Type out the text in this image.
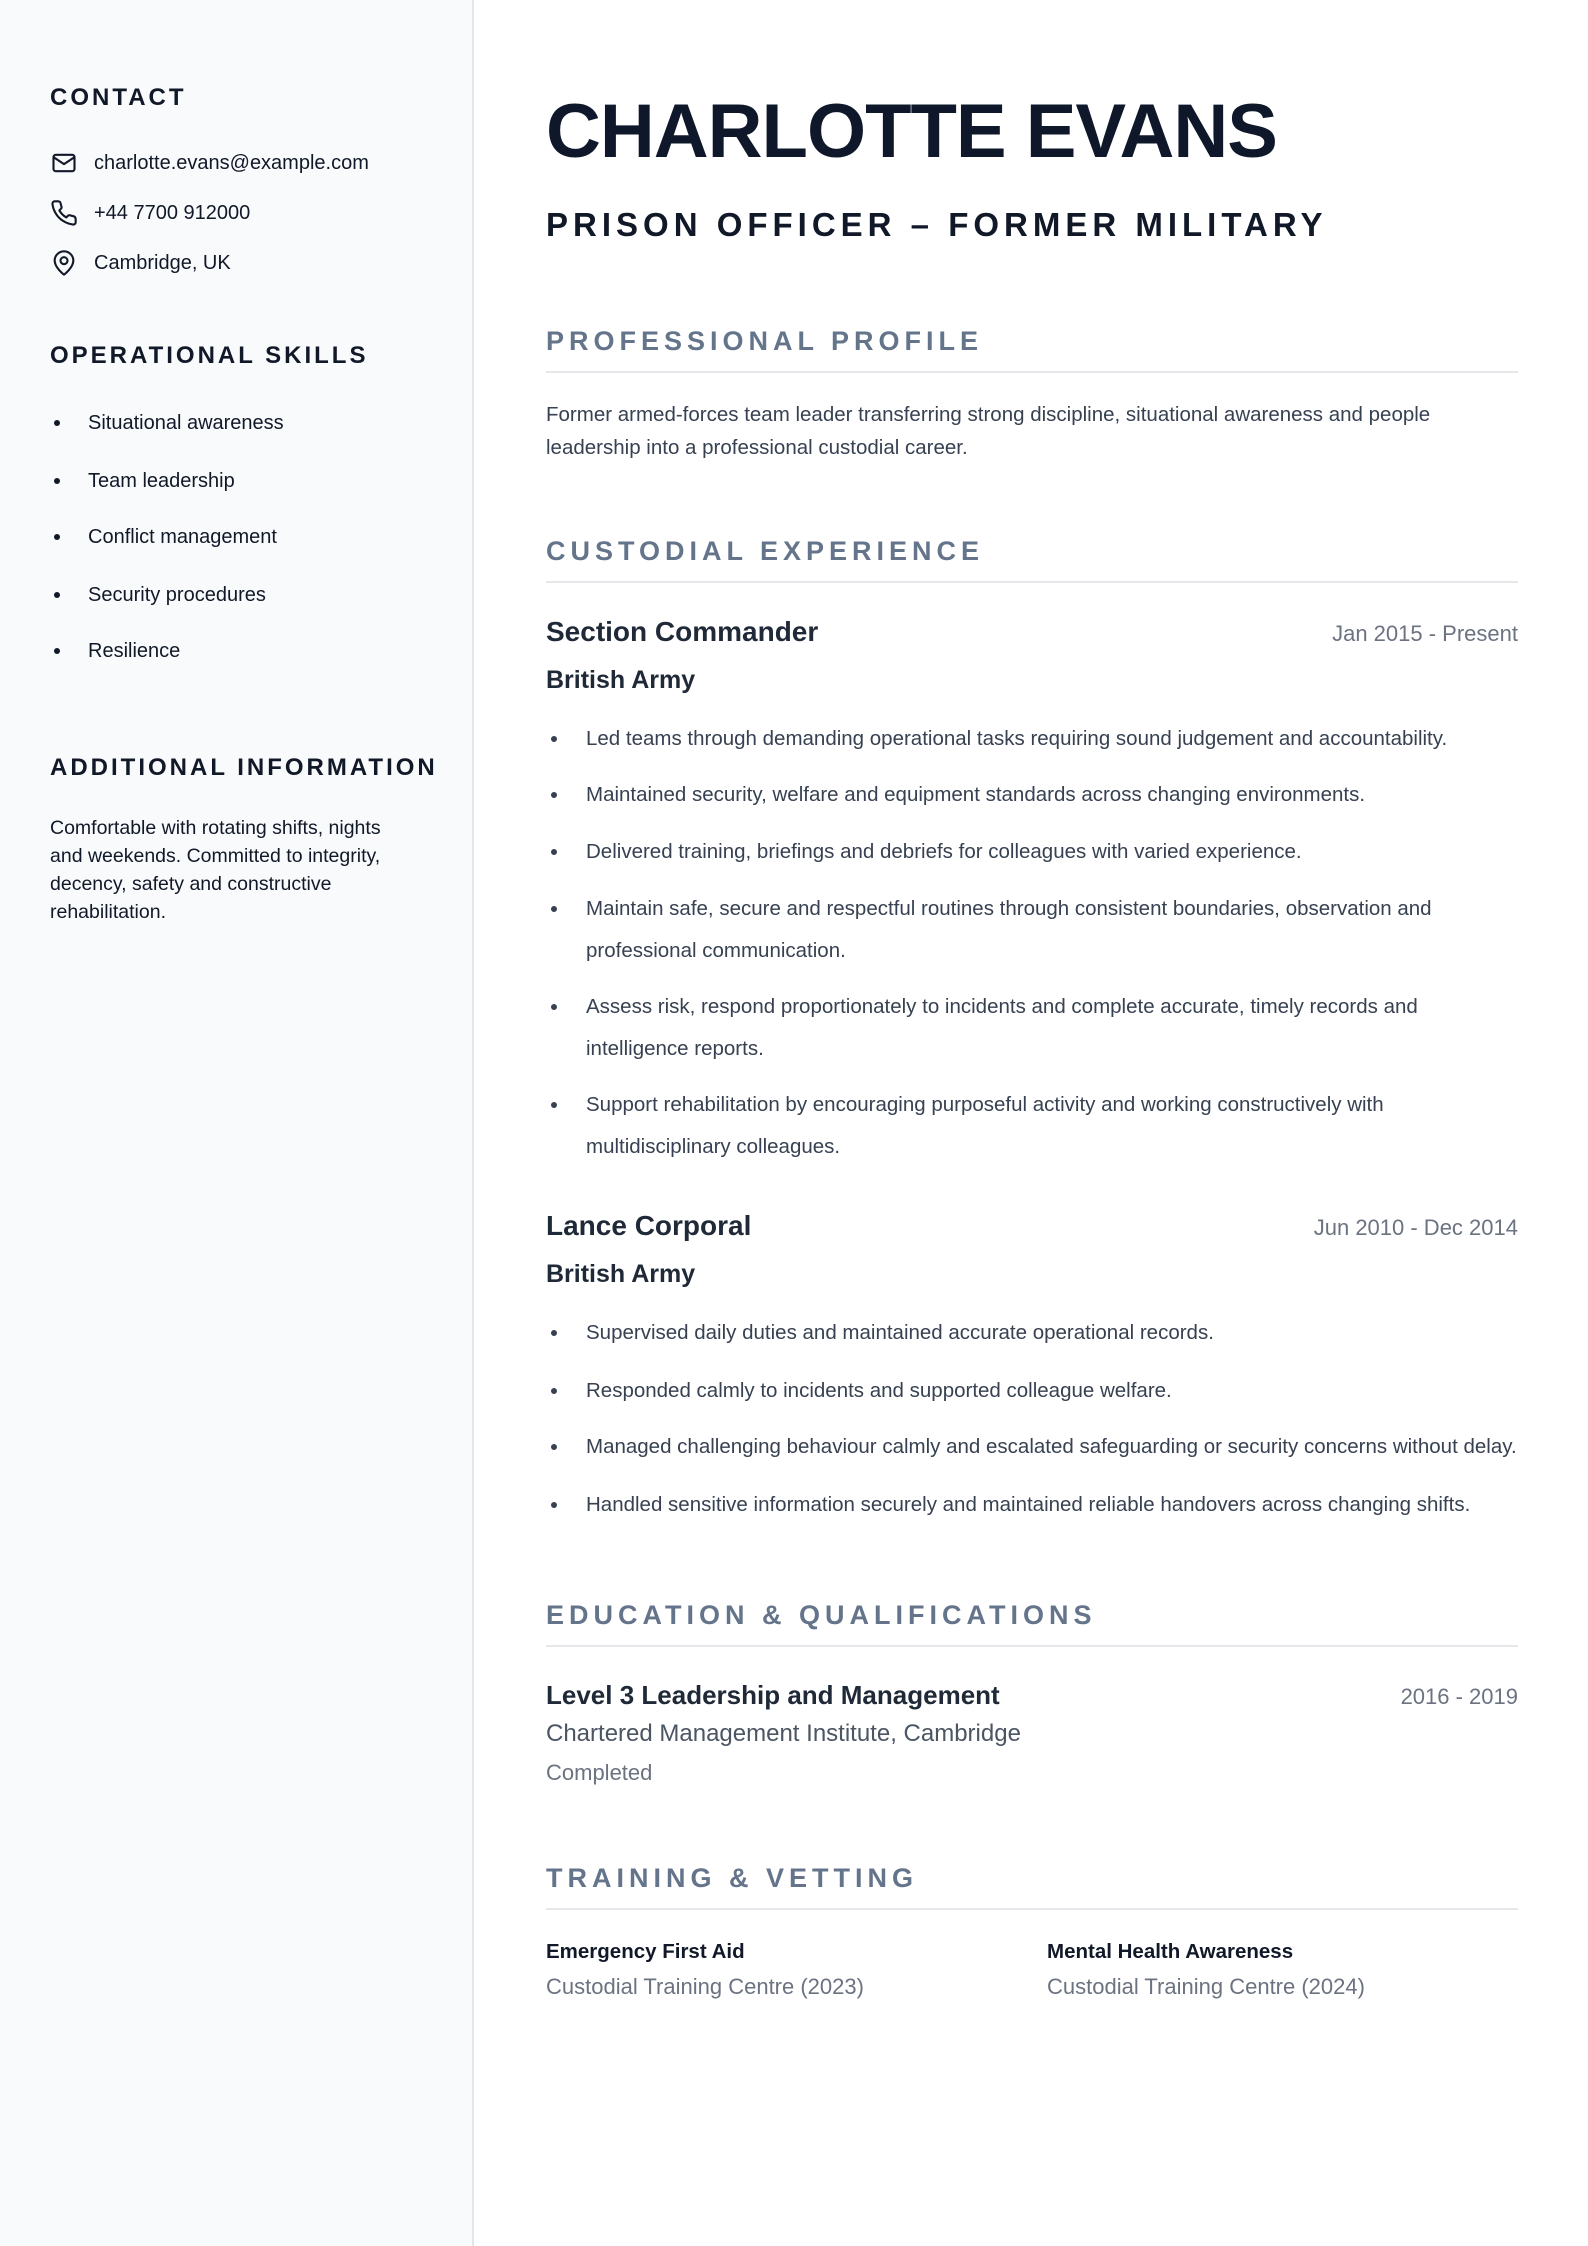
CONTACT
charlotte.evans@example.com
+44 7700 912000
Cambridge, UK
OPERATIONAL SKILLS
Situational awareness
Team leadership
Conflict management
Security procedures
Resilience
ADDITIONAL INFORMATION

Comfortable with rotating shifts, nights and weekends. Committed to integrity, decency, safety and constructive rehabilitation.

CHARLOTTE EVANS
PRISON OFFICER – FORMER MILITARY
PROFESSIONAL PROFILE

Former armed-forces team leader transferring strong discipline, situational awareness and people leadership into a professional custodial career.

CUSTODIAL EXPERIENCE
Section Commander	Jan 2015 - Present
British Army
Led teams through demanding operational tasks requiring sound judgement and accountability.
Maintained security, welfare and equipment standards across changing environments.
Delivered training, briefings and debriefs for colleagues with varied experience.
Maintain safe, secure and respectful routines through consistent boundaries, observation and professional communication.
Assess risk, respond proportionately to incidents and complete accurate, timely records and intelligence reports.
Support rehabilitation by encouraging purposeful activity and working constructively with multidisciplinary colleagues.
Lance Corporal	Jun 2010 - Dec 2014
British Army
Supervised daily duties and maintained accurate operational records.
Responded calmly to incidents and supported colleague welfare.
Managed challenging behaviour calmly and escalated safeguarding or security concerns without delay.
Handled sensitive information securely and maintained reliable handovers across changing shifts.
EDUCATION & QUALIFICATIONS
Level 3 Leadership and Management	2016 - 2019
Chartered Management Institute, Cambridge
Completed
TRAINING & VETTING
Emergency First Aid
Custodial Training Centre (2023)
Mental Health Awareness
Custodial Training Centre (2024)
